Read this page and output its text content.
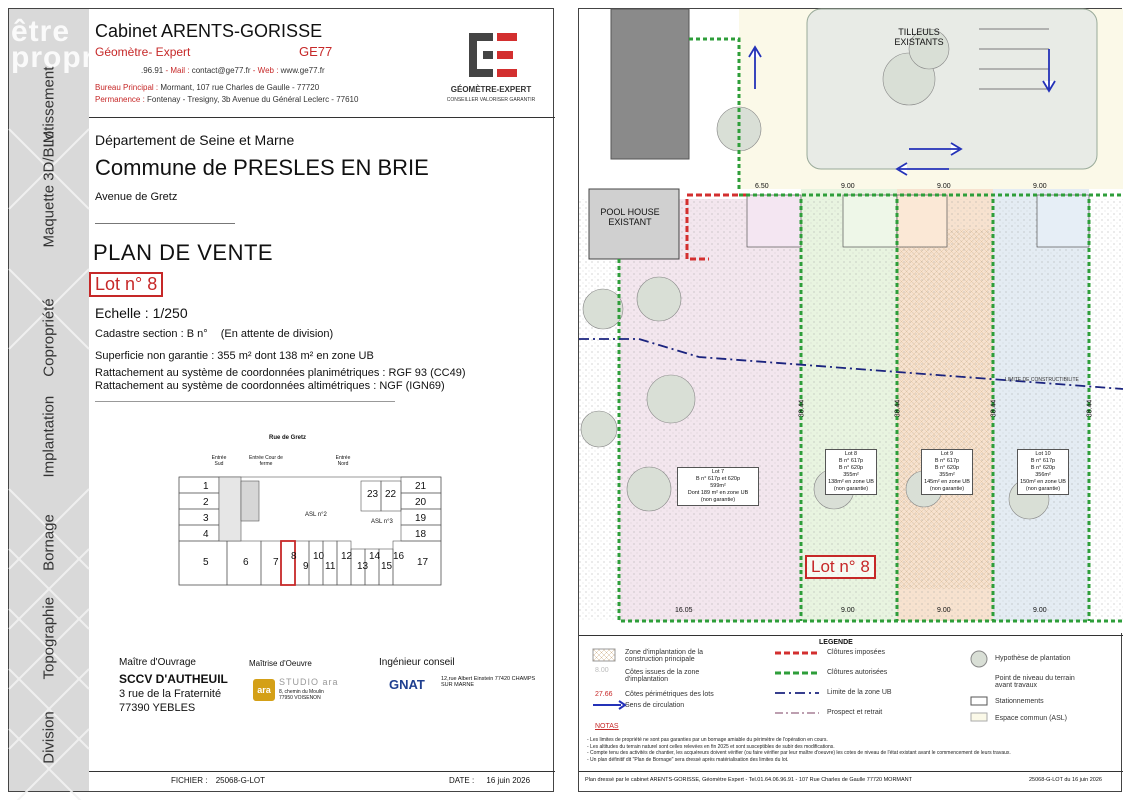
être propri
Lotissement
Maquette 3D/BIM
Copropriété
Implantation
Bornage
Topographie
Division
Cabinet ARENTS-GORISSE
Géomètre- Expert	GE77
.96.91 - Mail : contact@ge77.fr - Web : www.ge77.fr
Bureau Principal : Mormant, 107 rue Charles de Gaulle - 77720
Permanence : Fontenay - Tresigny, 3b Avenue du Général Leclerc - 77610
GÉOMÈTRE-EXPERT
CONSEILLER VALORISER GARANTIR
Département de Seine et Marne
Commune de PRESLES EN BRIE
Avenue de Gretz
PLAN DE VENTE
Lot n° 8
Echelle : 1/250
Cadastre section : B n° (En attente de division)
Superficie non garantie : 355 m² dont 138 m² en zone UB
Rattachement au système de coordonnées planimétriques : RGF 93 (CC49)
Rattachement au système de coordonnées altimétriques : NGF (IGN69)
Rue de Gretz
Entrée Sud
Entrée Cour de ferme
Entrée Nord
ASL n°2
ASL n°3
1
2
3
4
5	6 7
8
9
10
11
12
13
14
15
16
17
18
19
20
21
22
23
Maître d'Ouvrage
SCCV D'AUTHEUIL
3 rue de la Fraternité
77390 YEBLES
Maîtrise d'Oeuvre
ara
STUDIO ara
8, chemin du Moulin 77950 VOISENON
Ingénieur conseil
GNAT	12,rue Albert Einstein 77420 CHAMPS SUR MARNE
FICHIER : 25068-G-LOT	DATE : 16 juin 2026
TILLEULS EXISTANTS
POOL HOUSE EXISTANT
LIMITE DE CONSTRUCTIBILITE
6.50	9.00	9.00	9.00
16.05	9.00	9.00	9.00
38.44	38.44	38.44	38.44
Lot 7
B n° 617p et 620p
599m²
Dont 189 m² en zone UB
(non garantie)
Lot 8
B n° 617p
B n° 620p
355m²
138m² en zone UB (non garantie)
Lot 9
B n° 617p
B n° 620p
355m²
145m² en zone UB (non garantie)
Lot 10
B n° 617p
B n° 620p
356m²
150m² en zone UB (non garantie)
Lot n° 8
LEGENDE
Zone d'implantation de la construction principale
8.00 Côtes issues de la zone d'implantation
27.66 Côtes périmétriques des lots
Sens de circulation
Clôtures imposées
Clôtures autorisées
Limite de la zone UB
Prospect et retrait
Hypothèse de plantation
Point de niveau du terrain avant travaux
Stationnements
Espace commun (ASL)
NOTAS
- Les limites de propriété ne sont pas garanties par un bornage amiable du périmètre de l'opération en cours.
- Les altitudes du terrain naturel sont celles relevées en fin 2025 et sont susceptibles de subir des modifications.
- Compte tenu des activités de chantier, les acquéreurs doivent vérifier (ou faire vérifier par leur maître d'oeuvre) les cotes de niveau de l'état existant avant le commencement de leurs travaux.
- Un plan définitif dit "Plan de Bornage" sera dressé après matérialisation des limites du lot.
Plan dressé par le cabinet ARENTS-GORISSE, Géomètre Expert - Tel.01.64.06.96.91 - 107 Rue Charles de Gaulle 77720 MORMANT	25068-G-LOT du 16 juin 2026
